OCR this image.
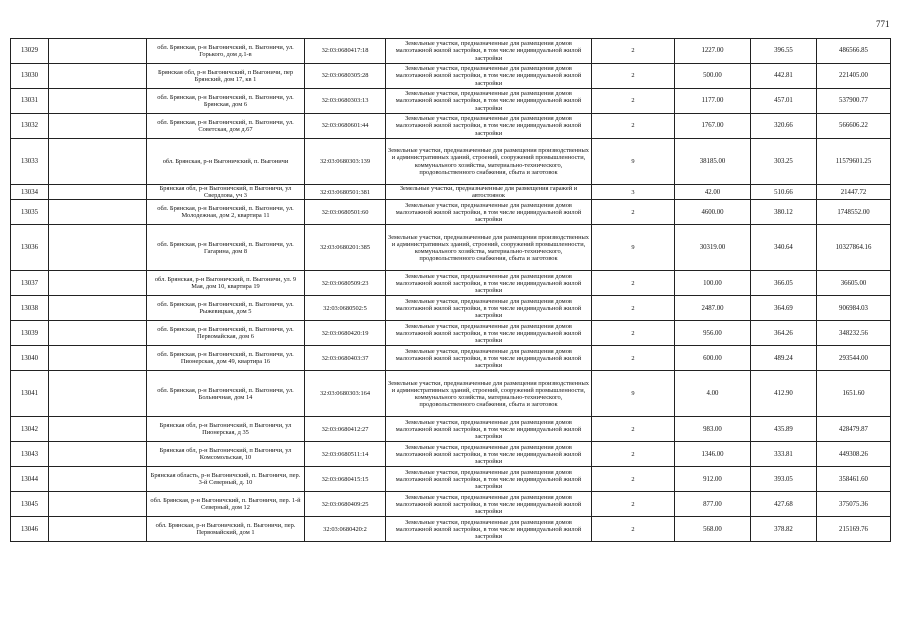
771
13029		обл. Брянская, р-н Выгоничский, п. Выгоничи, ул. Горького, дом д.1-в	32:03:0680417:18	Земельные участки, предназначенные для размещения домов малоэтажной жилой застройки, в том числе индивидуальной жилой застройки	2	1227.00	396.55	486566.85
13030		Брянская обл, р-н Выгоничский, п Выгоничи, пер Брянский, дом 17, кв 1	32:03:0680305:28	Земельные участки, предназначенные для размещения домов малоэтажной жилой застройки, в том числе индивидуальной жилой застройки	2	500.00	442.81	221405.00
13031		обл. Брянская, р-н Выгоничский, п. Выгоничи, ул. Брянская, дом 6	32:03:0680303:13	Земельные участки, предназначенные для размещения домов малоэтажной жилой застройки, в том числе индивидуальной жилой застройки	2	1177.00	457.01	537900.77
13032		обл. Брянская, р-н Выгоничский, п. Выгоничи, ул. Советская, дом д.67	32:03:0680601:44	Земельные участки, предназначенные для размещения домов малоэтажной жилой застройки, в том числе индивидуальной жилой застройки	2	1767.00	320.66	566606.22
13033		обл. Брянская, р-н Выгоничский, п. Выгоничи	32:03:0680303:139	Земельные участки, предназначенные для размещения производственных и административных зданий, строений, сооружений промышленности, коммунального хозяйства, материально-технического, продовольственного снабжения, сбыта и заготовок	9	38185.00	303.25	11579601.25
13034		Брянская обл, р-н Выгоничский, п Выгоничи, ул Свердлова, уч 3	32:03:0680501:381	Земельные участки, предназначенные для размещения гаражей и автостоянок	3	42.00	510.66	21447.72
13035		обл. Брянская, р-н Выгоничский, п. Выгоничи, ул. Молодежная, дом 2, квартира 11	32:03:0680501:60	Земельные участки, предназначенные для размещения домов малоэтажной жилой застройки, в том числе индивидуальной жилой застройки	2	4600.00	380.12	1748552.00
13036		обл. Брянская, р-н Выгоничский, п. Выгоничи, ул. Гагарина, дом 8	32:03:0680201:385	Земельные участки, предназначенные для размещения производственных и административных зданий, строений, сооружений промышленности, коммунального хозяйства, материально-технического, продовольственного снабжения, сбыта и заготовок	9	30319.00	340.64	10327864.16
13037		обл. Брянская, р-н Выгоничский, п. Выгоничи, ул. 9 Мая, дом 10, квартира 19	32:03:0680509:23	Земельные участки, предназначенные для размещения домов малоэтажной жилой застройки, в том числе индивидуальной жилой застройки	2	100.00	366.05	36605.00
13038		обл. Брянская, р-н Выгоничский, п. Выгоничи, ул. Рыжевицкая, дом 5	32:03:0680502:5	Земельные участки, предназначенные для размещения домов малоэтажной жилой застройки, в том числе индивидуальной жилой застройки	2	2487.00	364.69	906984.03
13039		обл. Брянская, р-н Выгоничский, п. Выгоничи, ул. Первомайская, дом 6	32:03:0680420:19	Земельные участки, предназначенные для размещения домов малоэтажной жилой застройки, в том числе индивидуальной жилой застройки	2	956.00	364.26	348232.56
13040		обл. Брянская, р-н Выгоничский, п. Выгоничи, ул. Пионерская, дом 49, квартира 16	32:03:0680403:37	Земельные участки, предназначенные для размещения домов малоэтажной жилой застройки, в том числе индивидуальной жилой застройки	2	600.00	489.24	293544.00
13041		обл. Брянская, р-н Выгоничский, п. Выгоничи, ул. Больничная, дом 14	32:03:0680303:164	Земельные участки, предназначенные для размещения производственных и административных зданий, строений, сооружений промышленности, коммунального хозяйства, материально-технического, продовольственного снабжения, сбыта и заготовок	9	4.00	412.90	1651.60
13042		Брянская обл, р-н Выгоничский, п Выгоничи, ул Пионерская, д 35	32:03:0680412:27	Земельные участки, предназначенные для размещения домов малоэтажной жилой застройки, в том числе индивидуальной жилой застройки	2	983.00	435.89	428479.87
13043		Брянская обл, р-н Выгоничский, п Выгоничи, ул Комсомольская, 10	32:03:0680511:14	Земельные участки, предназначенные для размещения домов малоэтажной жилой застройки, в том числе индивидуальной жилой застройки	2	1346.00	333.81	449308.26
13044		Брянская область, р-н Выгоничский, п. Выгоничи, пер. 3-й Северный, д. 10	32:03:0680415:15	Земельные участки, предназначенные для размещения домов малоэтажной жилой застройки, в том числе индивидуальной жилой застройки	2	912.00	393.05	358461.60
13045		обл. Брянская, р-н Выгоничский, п. Выгоничи, пер. 1-й Северный, дом 12	32:03:0680409:25	Земельные участки, предназначенные для размещения домов малоэтажной жилой застройки, в том числе индивидуальной жилой застройки	2	877.00	427.68	375075.36
13046		обл. Брянская, р-н Выгоничский, п. Выгоничи, пер. Первомайский, дом 1	32:03:0680420:2	Земельные участки, предназначенные для размещения домов малоэтажной жилой застройки, в том числе индивидуальной жилой застройки	2	568.00	378.82	215169.76
